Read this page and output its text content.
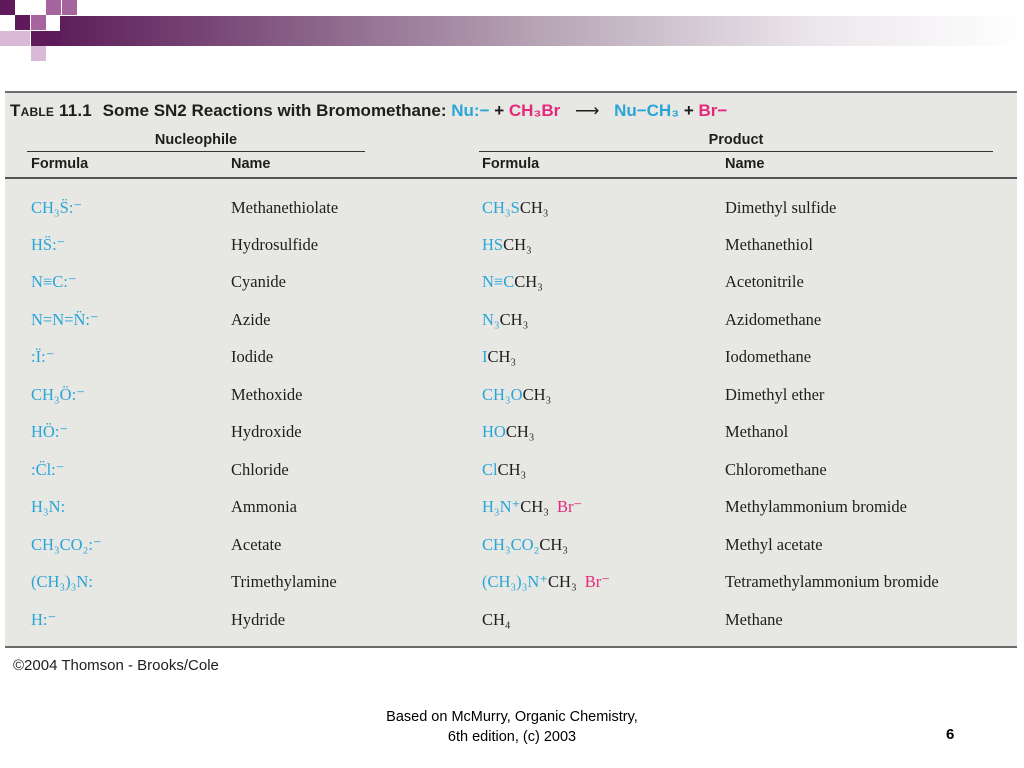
Table 11.1 Some SN2 Reactions with Bromomethane: Nu:− + CH₃Br ⟶ Nu−CH₃ + Br−
Nucleophile	Product
Formula	Name	Formula	Name
CH₃S̈:⁻	Methanethiolate	CH₃SCH₃	Dimethyl sulfide
HS̈:⁻	Hydrosulfide	HSCH₃	Methanethiol
N≡C:⁻	Cyanide	N≡CCH₃	Acetonitrile
N=N=N̈:⁻	Azide	N₃CH₃	Azidomethane
:Ï:⁻	Iodide	ICH₃	Iodomethane
CH₃Ö:⁻	Methoxide	CH₃OCH₃	Dimethyl ether
HÖ:⁻	Hydroxide	HOCH₃	Methanol
:C̈l:⁻	Chloride	ClCH₃	Chloromethane
H₃N:	Ammonia	H₃N⁺CH₃ Br⁻	Methylammonium bromide
CH₃CO₂:⁻	Acetate	CH₃CO₂CH₃	Methyl acetate
(CH₃)₃N:	Trimethylamine	(CH₃)₃N⁺CH₃ Br⁻	Tetramethylammonium bromide
H:⁻	Hydride	CH₄	Methane
©2004 Thomson - Brooks/Cole
Based on McMurry, Organic Chemistry,
6th edition, (c) 2003	6
